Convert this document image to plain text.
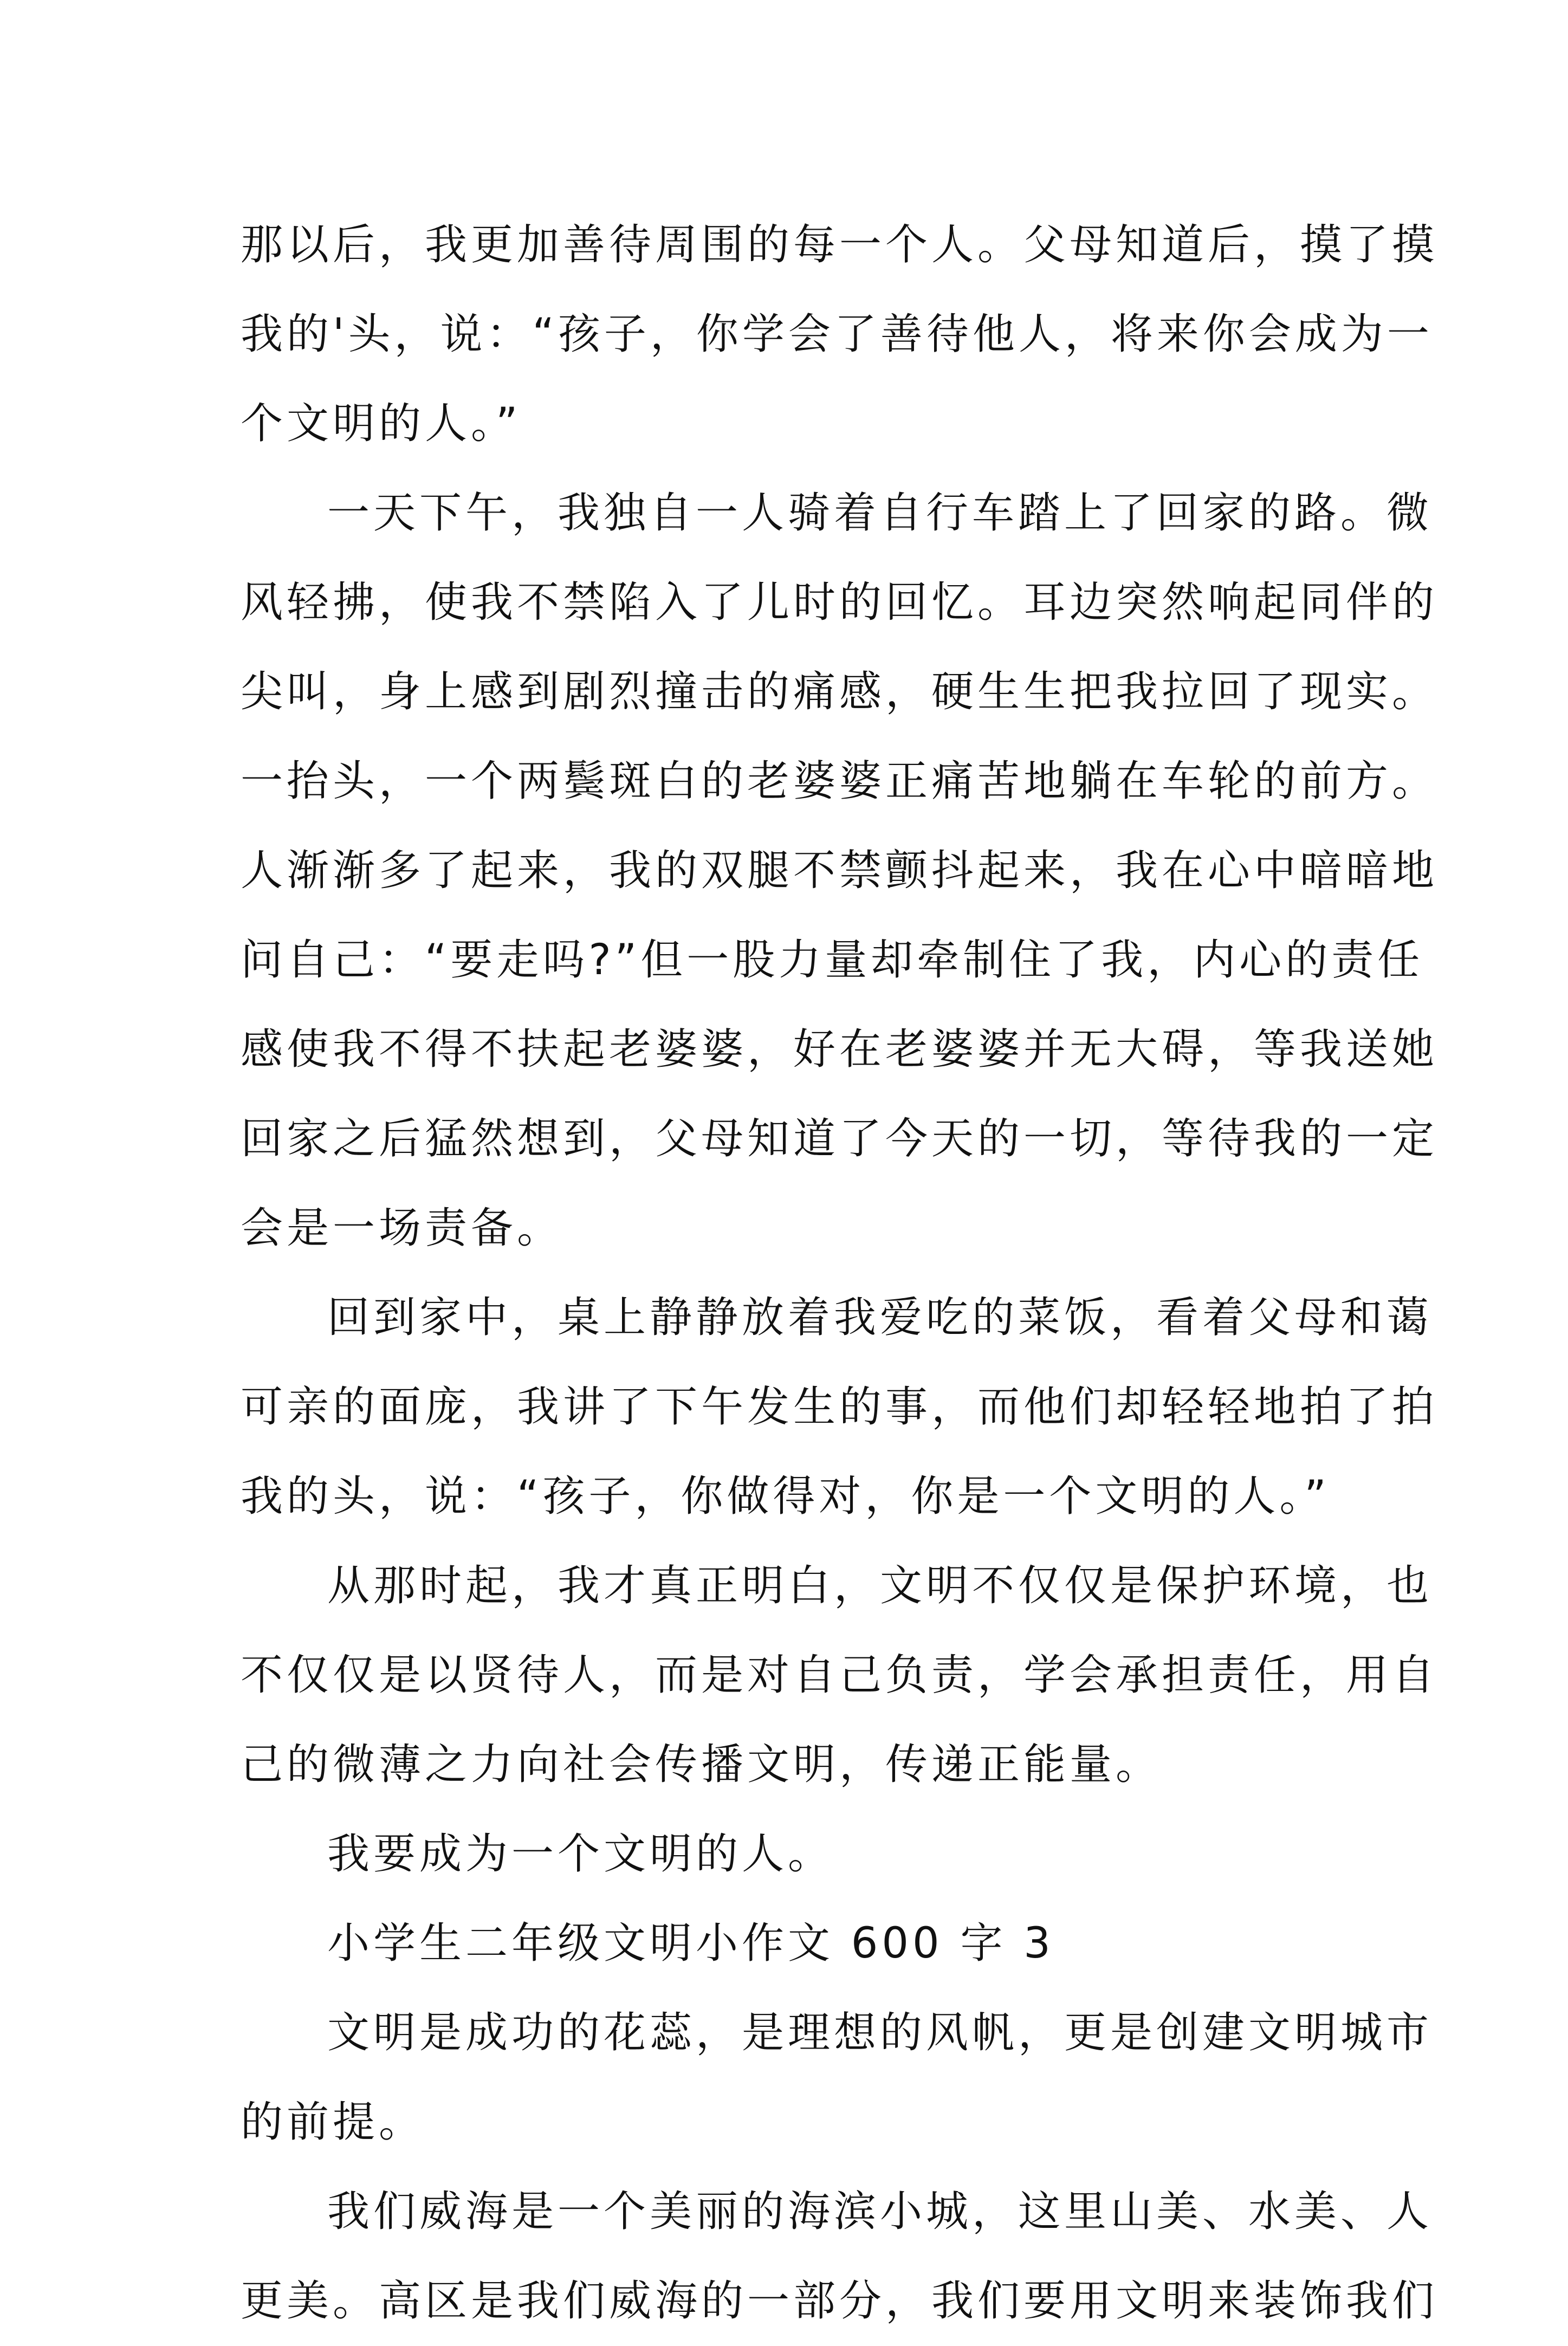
那以后，我更加善待周围的每一个人。父母知道后，摸了摸
我的'头，说：“孩子，你学会了善待他人，将来你会成为一
个文明的人。”
一天下午，我独自一人骑着自行车踏上了回家的路。微
风轻拂，使我不禁陷入了儿时的回忆。耳边突然响起同伴的
尖叫，身上感到剧烈撞击的痛感，硬生生把我拉回了现实。
一抬头，一个两鬓斑白的老婆婆正痛苦地躺在车轮的前方。
人渐渐多了起来，我的双腿不禁颤抖起来，我在心中暗暗地
问自己：“要走吗?”但一股力量却牵制住了我，内心的责任
感使我不得不扶起老婆婆，好在老婆婆并无大碍，等我送她
回家之后猛然想到，父母知道了今天的一切，等待我的一定
会是一场责备。
回到家中，桌上静静放着我爱吃的菜饭，看着父母和蔼
可亲的面庞，我讲了下午发生的事，而他们却轻轻地拍了拍
我的头，说：“孩子，你做得对，你是一个文明的人。”
从那时起，我才真正明白，文明不仅仅是保护环境，也
不仅仅是以贤待人，而是对自己负责，学会承担责任，用自
己的微薄之力向社会传播文明，传递正能量。
我要成为一个文明的人。
小学生二年级文明小作文 600 字 3
文明是成功的花蕊，是理想的风帆，更是创建文明城市
的前提。
我们威海是一个美丽的海滨小城，这里山美、水美、人
更美。高区是我们威海的一部分，我们要用文明来装饰我们
